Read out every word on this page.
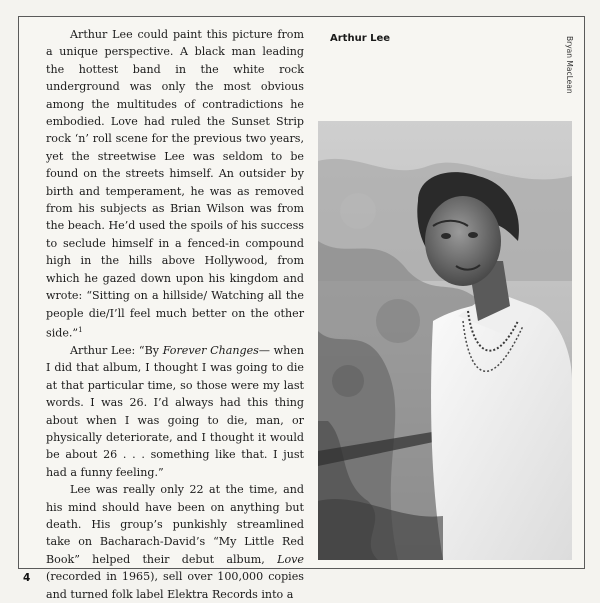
Arthur Lee could paint this picture from a unique perspective. A black man leading the hottest band in the white rock underground was only the most obvious among the multitudes of contradictions he embodied. Love had ruled the Sunset Strip rock ‘n’ roll scene for the previous two years, yet the streetwise Lee was seldom to be found on the streets himself. An outsider by birth and temperament, he was as removed from his subjects as Brian Wilson was from the beach. He’d used the spoils of his success to seclude himself in a fenced-in compound high in the hills above Hollywood, from which he gazed down upon his kingdom and wrote: “Sitting on a hillside/ Watching all the people die/I’ll feel much better on the other side.”$^1$

Arthur Lee: “By Forever Changes— when I did that album, I thought I was going to die at that particular time, so those were my last words. I was 26. I’d always had this thing about when I was going to die, man, or physically deteriorate, and I thought it would be about 26 . . . something like that. I just had a funny feeling.”

Lee was really only 22 at the time, and his mind should have been on anything but death. His group’s punkishly streamlined take on Bacharach-David’s “My Little Red Book” helped their debut album, Love (recorded in 1965), sell over 100,000 copies and turned folk label Elektra Records into a

Arthur Lee	Bryan MacLean
4
